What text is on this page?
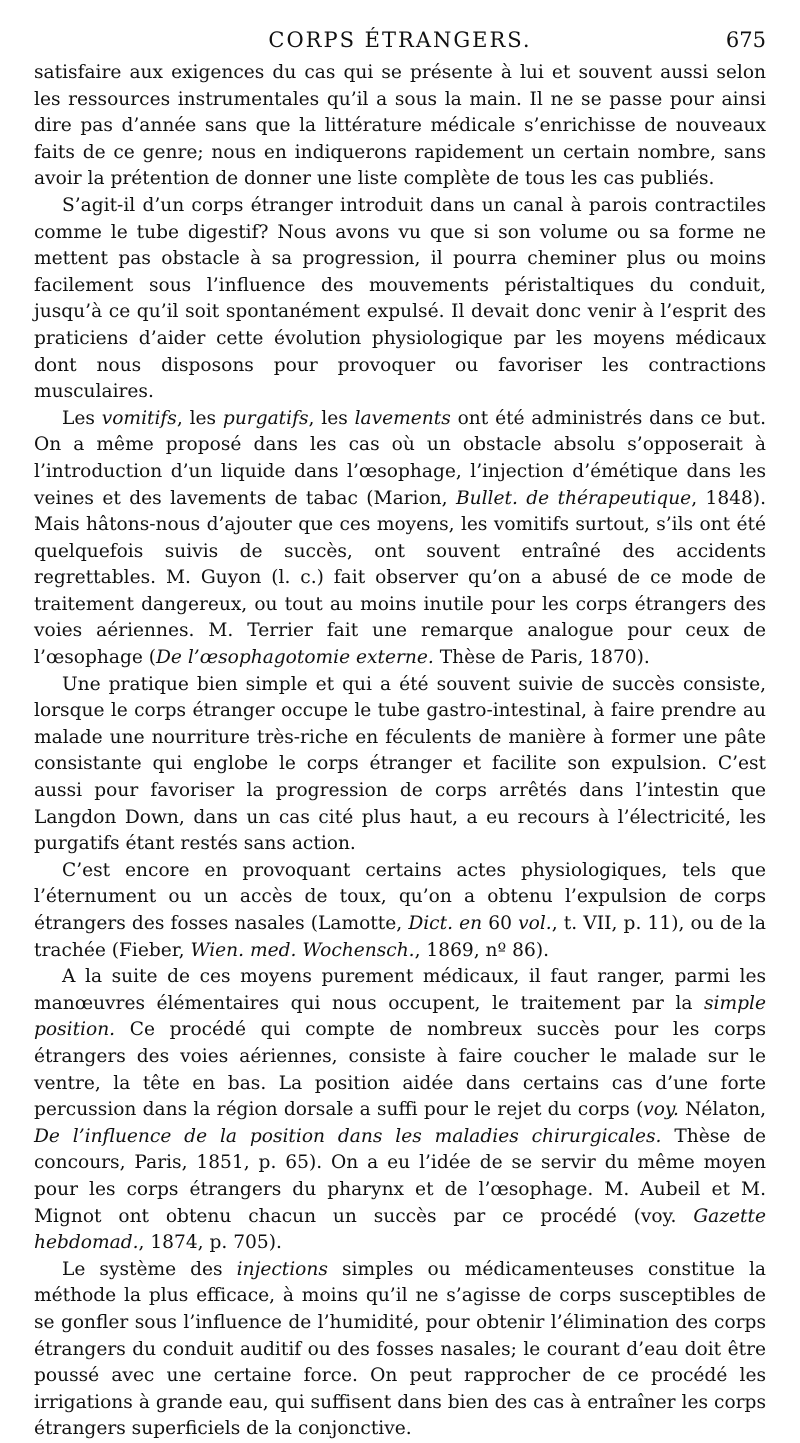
CORPS ÉTRANGERS.	675

satisfaire aux exigences du cas qui se présente à lui et souvent aussi selon les ressources instrumentales qu’il a sous la main. Il ne se passe pour ainsi dire pas d’année sans que la littérature médicale s’enrichisse de nouveaux faits de ce genre; nous en indiquerons rapidement un certain nombre, sans avoir la prétention de donner une liste complète de tous les cas publiés.

S’agit-il d’un corps étranger introduit dans un canal à parois contractiles comme le tube digestif? Nous avons vu que si son volume ou sa forme ne mettent pas obstacle à sa progression, il pourra cheminer plus ou moins facilement sous l’influence des mouvements péristaltiques du conduit, jusqu’à ce qu’il soit spontanément expulsé. Il devait donc venir à l’esprit des praticiens d’aider cette évolution physiologique par les moyens médicaux dont nous disposons pour provoquer ou favoriser les contractions musculaires.

Les vomitifs, les purgatifs, les lavements ont été administrés dans ce but. On a même proposé dans les cas où un obstacle absolu s’opposerait à l’introduction d’un liquide dans l’œsophage, l’injection d’émétique dans les veines et des lavements de tabac (Marion, Bullet. de thérapeutique, 1848). Mais hâtons-nous d’ajouter que ces moyens, les vomitifs surtout, s’ils ont été quelquefois suivis de succès, ont souvent entraîné des accidents regrettables. M. Guyon (l. c.) fait observer qu’on a abusé de ce mode de traitement dangereux, ou tout au moins inutile pour les corps étrangers des voies aériennes. M. Terrier fait une remarque analogue pour ceux de l’œsophage (De l’œsophagotomie externe. Thèse de Paris, 1870).

Une pratique bien simple et qui a été souvent suivie de succès consiste, lorsque le corps étranger occupe le tube gastro-intestinal, à faire prendre au malade une nourriture très-riche en féculents de manière à former une pâte consistante qui englobe le corps étranger et facilite son expulsion. C’est aussi pour favoriser la progression de corps arrêtés dans l’intestin que Langdon Down, dans un cas cité plus haut, a eu recours à l’électricité, les purgatifs étant restés sans action.

C’est encore en provoquant certains actes physiologiques, tels que l’éternument ou un accès de toux, qu’on a obtenu l’expulsion de corps étrangers des fosses nasales (Lamotte, Dict. en 60 vol., t. VII, p. 11), ou de la trachée (Fieber, Wien. med. Wochensch., 1869, nº 86).

A la suite de ces moyens purement médicaux, il faut ranger, parmi les manœuvres élémentaires qui nous occupent, le traitement par la simple position. Ce procédé qui compte de nombreux succès pour les corps étrangers des voies aériennes, consiste à faire coucher le malade sur le ventre, la tête en bas. La position aidée dans certains cas d’une forte percussion dans la région dorsale a suffi pour le rejet du corps (voy. Nélaton, De l’influence de la position dans les maladies chirurgicales. Thèse de concours, Paris, 1851, p. 65). On a eu l’idée de se servir du même moyen pour les corps étrangers du pharynx et de l’œsophage. M. Aubeil et M. Mignot ont obtenu chacun un succès par ce procédé (voy. Gazette hebdomad., 1874, p. 705).

Le système des injections simples ou médicamenteuses constitue la méthode la plus efficace, à moins qu’il ne s’agisse de corps susceptibles de se gonfler sous l’influence de l’humidité, pour obtenir l’élimination des corps étrangers du conduit auditif ou des fosses nasales; le courant d’eau doit être poussé avec une certaine force. On peut rapprocher de ce procédé les irrigations à grande eau, qui suffisent dans bien des cas à entraîner les corps étrangers superficiels de la conjonctive.
